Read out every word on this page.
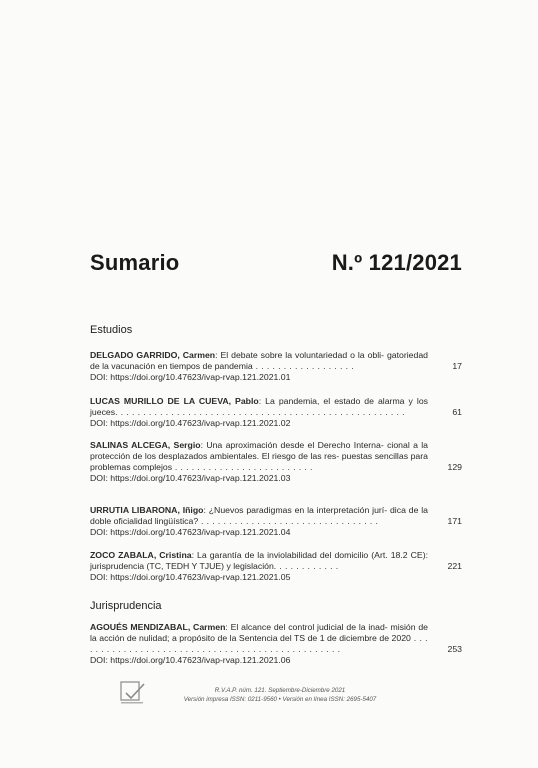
Sumario	N.º 121/2021
Estudios
DELGADO GARRIDO, Carmen: El debate sobre la voluntariedad o la obli- gatoriedad de la vacunación en tiempos de pandemia . . . . . . . . . . . . . . . . . .	17
DOI: https://doi.org/10.47623/ivap-rvap.121.2021.01
LUCAS MURILLO DE LA CUEVA, Pablo: La pandemia, el estado de alarma y los jueces. . . . . . . . . . . . . . . . . . . . . . . . . . . . . . . . . . . . . . . . . . . . . . . . . . . .	61
DOI: https://doi.org/10.47623/ivap-rvap.121.2021.02
SALINAS ALCEGA, Sergio: Una aproximación desde el Derecho Interna- cional a la protección de los desplazados ambientales. El riesgo de las res- puestas sencillas para problemas complejos . . . . . . . . . . . . . . . . . . . . . . . . .	129
DOI: https://doi.org/10.47623/ivap-rvap.121.2021.03
URRUTIA LIBARONA, Iñigo: ¿Nuevos paradigmas en la interpretación jurí- dica de la doble oficialidad lingüística? . . . . . . . . . . . . . . . . . . . . . . . . . . . . . . . .	171
DOI: https://doi.org/10.47623/ivap-rvap.121.2021.04
ZOCO ZABALA, Cristina: La garantía de la inviolabilidad del domicilio (Art. 18.2 CE): jurisprudencia (TC, TEDH Y TJUE) y legislación. . . . . . . . . . . .	221
DOI: https://doi.org/10.47623/ivap-rvap.121.2021.05
Jurisprudencia
AGOUÉS MENDIZABAL, Carmen: El alcance del control judicial de la inad- misión de la acción de nulidad; a propósito de la Sentencia del TS de 1 de diciembre de 2020 . . . . . . . . . . . . . . . . . . . . . . . . . . . . . . . . . . . . . . . . . . . . . . . .	253
DOI: https://doi.org/10.47623/ivap-rvap.121.2021.06
R.V.A.P. núm. 121. Septiembre-Diciembre 2021
Versión impresa ISSN: 0211-9560 • Versión en línea ISSN: 2695-5407
